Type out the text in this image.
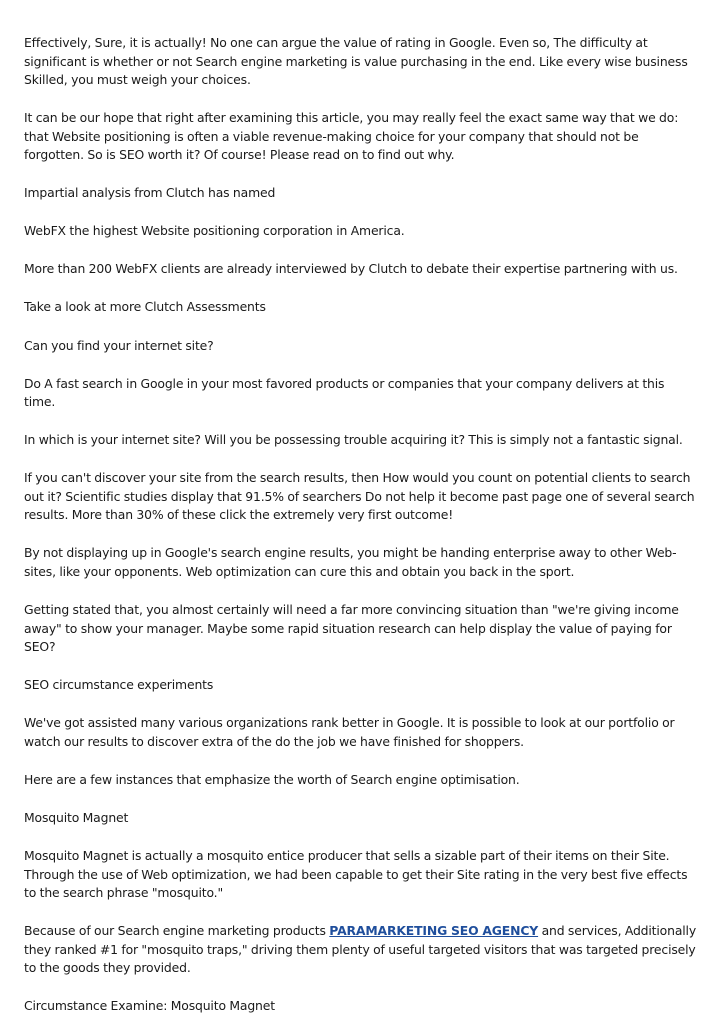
Effectively, Sure, it is actually! No one can argue the value of rating in Google. Even so, The difficulty at significant is whether or not Search engine marketing is value purchasing in the end. Like every wise business Skilled, you must weigh your choices.

It can be our hope that right after examining this article, you may really feel the exact same way that we do: that Website positioning is often a viable revenue-making choice for your company that should not be forgotten. So is SEO worth it? Of course! Please read on to find out why.

Impartial analysis from Clutch has named

WebFX the highest Website positioning corporation in America.

More than 200 WebFX clients are already interviewed by Clutch to debate their expertise partnering with us.

Take a look at more Clutch Assessments

Can you find your internet site?

Do A fast search in Google in your most favored products or companies that your company delivers at this time.

In which is your internet site? Will you be possessing trouble acquiring it? This is simply not a fantastic signal.

If you can't discover your site from the search results, then How would you count on potential clients to search out it? Scientific studies display that 91.5% of searchers Do not help it become past page one of several search results. More than 30% of these click the extremely very first outcome!

By not displaying up in Google's search engine results, you might be handing enterprise away to other Web-sites, like your opponents. Web optimization can cure this and obtain you back in the sport.

Getting stated that, you almost certainly will need a far more convincing situation than "we're giving income away" to show your manager. Maybe some rapid situation research can help display the value of paying for SEO?

SEO circumstance experiments

We've got assisted many various organizations rank better in Google. It is possible to look at our portfolio or watch our results to discover extra of the do the job we have finished for shoppers.

Here are a few instances that emphasize the worth of Search engine optimisation.

Mosquito Magnet

Mosquito Magnet is actually a mosquito entice producer that sells a sizable part of their items on their Site. Through the use of Web optimization, we had been capable to get their Site rating in the very best five effects to the search phrase "mosquito."

Because of our Search engine marketing products PARAMARKETING SEO AGENCY and services, Additionally they ranked #1 for "mosquito traps," driving them plenty of useful targeted visitors that was targeted precisely to the goods they provided.

Circumstance Examine: Mosquito Magnet
